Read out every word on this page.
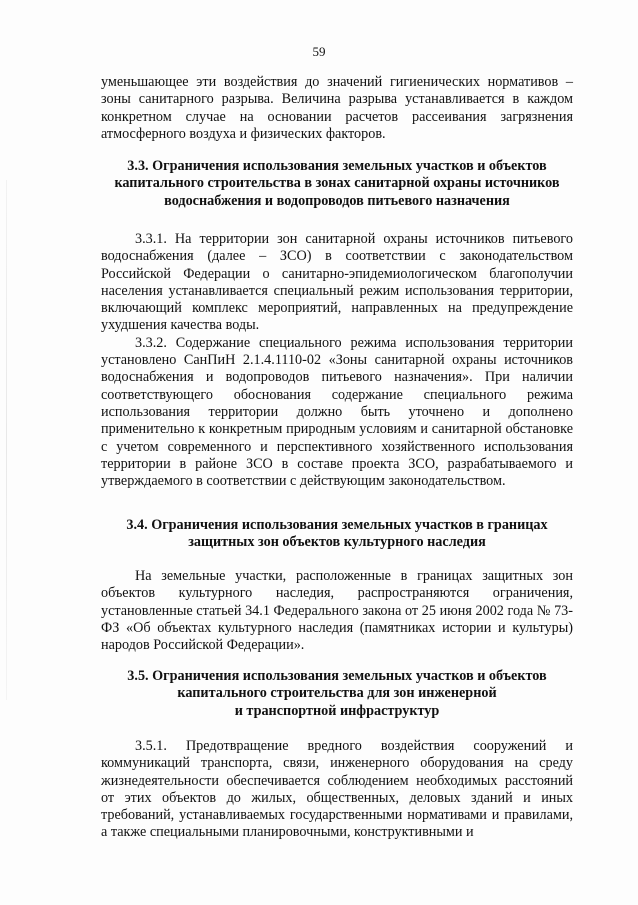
59

уменьшающее эти воздействия до значений гигиенических нормативов – зоны санитарного разрыва. Величина разрыва устанавливается в каждом конкретном случае на основании расчетов рассеивания загрязнения атмосферного воздуха и физических факторов.

3.3. Ограничения использования земельных участков и объектов
капитального строительства в зонах санитарной охраны источников
водоснабжения и водопроводов питьевого назначения

3.3.1. На территории зон санитарной охраны источников питьевого водоснабжения (далее – ЗСО) в соответствии с законодательством Российской Федерации о санитарно-эпидемиологическом благополучии населения устанавливается специальный режим использования территории, включающий комплекс мероприятий, направленных на предупреждение ухудшения качества воды.

3.3.2. Содержание специального режима использования территории установлено СанПиН 2.1.4.1110-02 «Зоны санитарной охраны источников водоснабжения и водопроводов питьевого назначения». При наличии соответствующего обоснования содержание специального режима использования территории должно быть уточнено и дополнено применительно к конкретным природным условиям и санитарной обстановке с учетом современного и перспективного хозяйственного использования территории в районе ЗСО в составе проекта ЗСО, разрабатываемого и утверждаемого в соответствии с действующим законодательством.

3.4. Ограничения использования земельных участков в границах
защитных зон объектов культурного наследия

На земельные участки, расположенные в границах защитных зон объектов культурного наследия, распространяются ограничения, установленные статьей 34.1 Федерального закона от 25 июня 2002 года № 73-ФЗ «Об объектах культурного наследия (памятниках истории и культуры) народов Российской Федерации».

3.5. Ограничения использования земельных участков и объектов
капитального строительства для зон инженерной
и транспортной инфраструктур

3.5.1. Предотвращение вредного воздействия сооружений и коммуникаций транспорта, связи, инженерного оборудования на среду жизнедеятельности обеспечивается соблюдением необходимых расстояний от этих объектов до жилых, общественных, деловых зданий и иных требований, устанавливаемых государственными нормативами и правилами, а также специальными планировочными, конструктивными и
